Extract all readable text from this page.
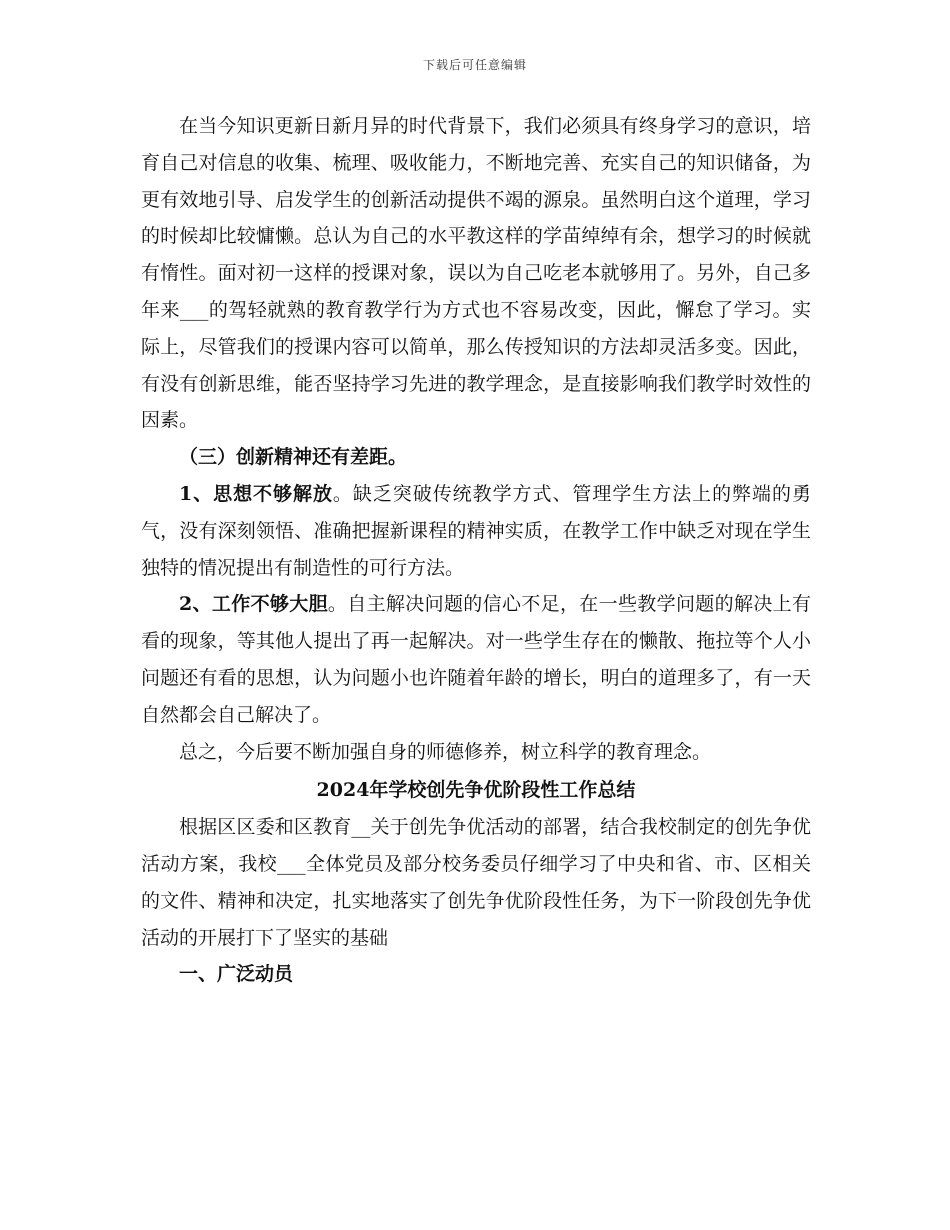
下载后可任意编辑

在当今知识更新日新月异的时代背景下，我们必须具有终身学习的意识，培育自己对信息的收集、梳理、吸收能力，不断地完善、充实自己的知识储备，为更有效地引导、启发学生的创新活动提供不竭的源泉。虽然明白这个道理，学习的时候却比较慵懒。总认为自己的水平教这样的学苗绰绰有余，想学习的时候就有惰性。面对初一这样的授课对象，误以为自己吃老本就够用了。另外，自己多年来___的驾轻就熟的教育教学行为方式也不容易改变，因此，懈怠了学习。实际上，尽管我们的授课内容可以简单，那么传授知识的方法却灵活多变。因此，有没有创新思维，能否坚持学习先进的教学理念，是直接影响我们教学时效性的因素。

（三）创新精神还有差距。

1、思想不够解放。缺乏突破传统教学方式、管理学生方法上的弊端的勇气，没有深刻领悟、准确把握新课程的精神实质，在教学工作中缺乏对现在学生独特的情况提出有制造性的可行方法。

2、工作不够大胆。自主解决问题的信心不足，在一些教学问题的解决上有看的现象，等其他人提出了再一起解决。对一些学生存在的懒散、拖拉等个人小问题还有看的思想，认为问题小也许随着年龄的增长，明白的道理多了，有一天自然都会自己解决了。

总之，今后要不断加强自身的师德修养，树立科学的教育理念。

2024年学校创先争优阶段性工作总结

根据区区委和区教育__关于创先争优活动的部署，结合我校制定的创先争优活动方案，我校___全体党员及部分校务委员仔细学习了中央和省、市、区相关的文件、精神和决定，扎实地落实了创先争优阶段性任务，为下一阶段创先争优活动的开展打下了坚实的基础

一、广泛动员
